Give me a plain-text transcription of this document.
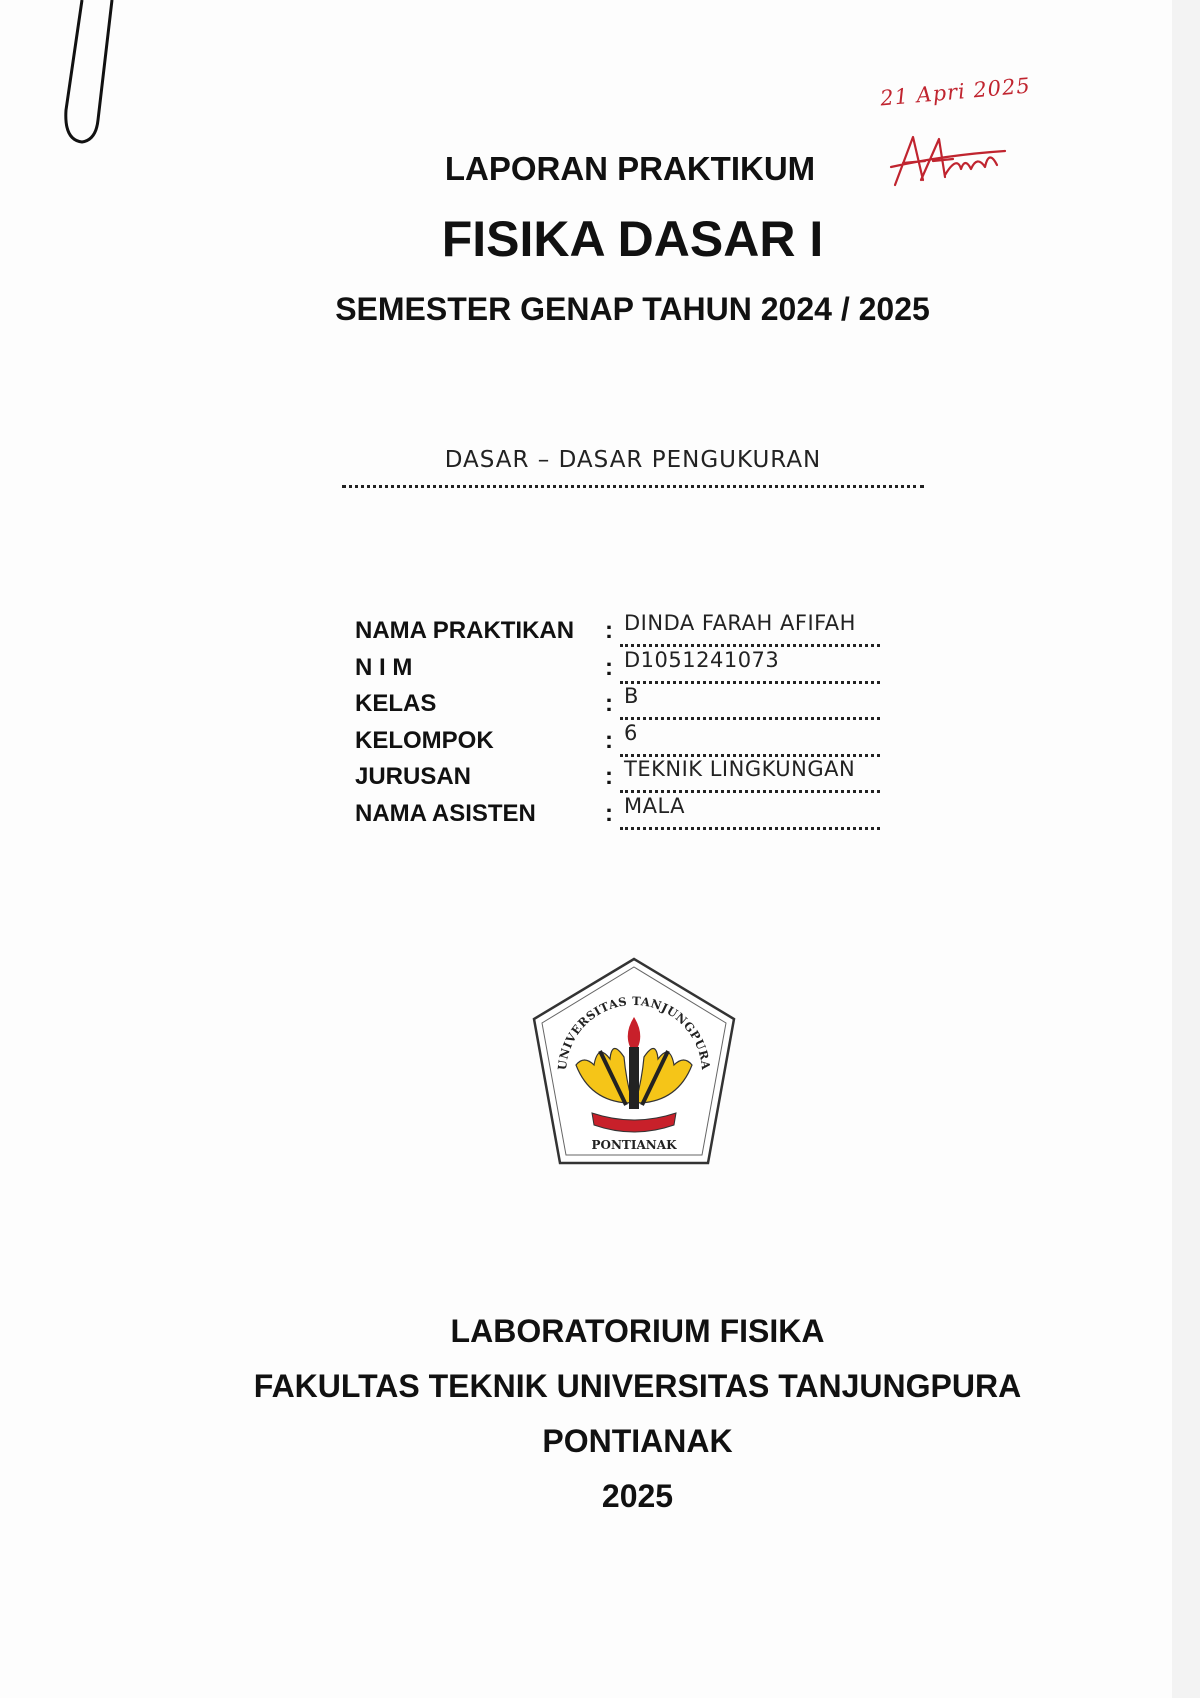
21 Apri 2025
LAPORAN PRAKTIKUM
FISIKA DASAR I
SEMESTER GENAP TAHUN 2024 / 2025
DASAR – DASAR PENGUKURAN
NAMA PRAKTIKAN : DINDA FARAH AFIFAH
N I M	: D1051241073
KELAS	: B
KELOMPOK	: 6
JURUSAN	: TEKNIK LINGKUNGAN
NAMA ASISTEN	: MALA
UNIVERSITAS TANJUNGPURA
PONTIANAK
LABORATORIUM FISIKA
FAKULTAS TEKNIK UNIVERSITAS TANJUNGPURA
PONTIANAK
2025
